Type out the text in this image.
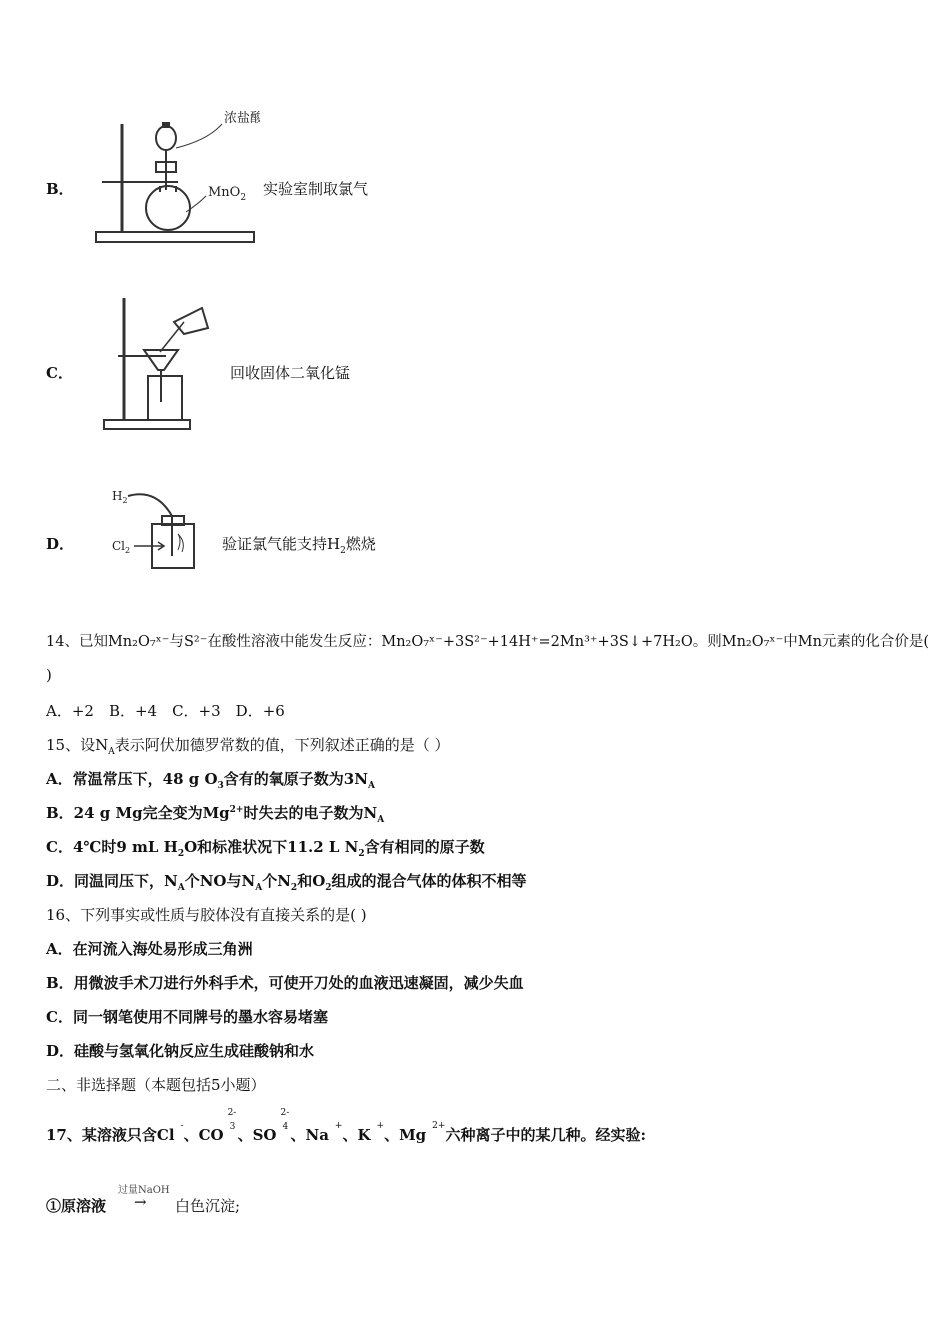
B．
浓盐酸
MnO$_2$ 实验室制取氯气
C．	回收固体二氧化锰
D．
$H_2$
$Cl_2$	验证氯气能支持$H_2$燃烧
14、已知Mn₂O₇ˣ⁻与S²⁻在酸性溶液中能发生反应：Mn₂O₇ˣ⁻+3S²⁻+14H⁺=2Mn³⁺+3S↓+7H₂O。则Mn₂O₇ˣ⁻中Mn元素的化合价是(
)
A．+2　B．+4　C．+3　D．+6
15、设$N_A$表示阿伏加德罗常数的值，下列叙述正确的是（ ）
A．常温常压下，48 g $O_3$含有的氧原子数为$3N_A$
B．24 g Mg完全变为$Mg^{2+}$时失去的电子数为$N_A$
C．4℃时9 mL $H_2O$和标准状况下11.2 L $N_2$含有相同的原子数
D．同温同压下，$N_A$个NO与$N_A$个$N_2$和$O_2$组成的混合气体的体积不相等
16、下列事实或性质与胶体没有直接关系的是( )
A．在河流入海处易形成三角洲
B．用微波手术刀进行外科手术，可使开刀处的血液迅速凝固，减少失血
C．同一钢笔使用不同牌号的墨水容易堵塞
D．硅酸与氢氧化钠反应生成硅酸钠和水
二、非选择题（本题包括5小题）
17、某溶液只含Cl -、CO
2-
3 、SO
2-
4 、Na +、K +、Mg $^{2+}$六种离子中的某几种。经实验:
过量NaOH
①原溶液 → 白色沉淀;
